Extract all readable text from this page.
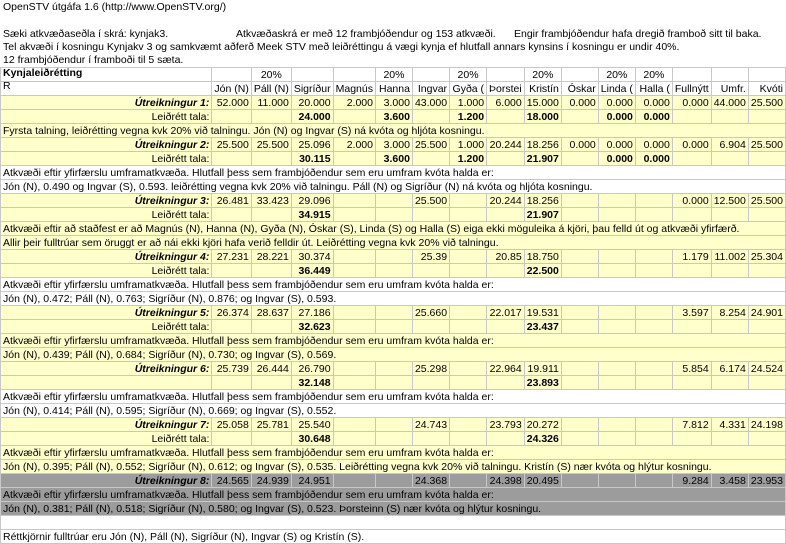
OpenSTV útgáfa 1.6 (http://www.OpenSTV.org/)
Sæki atkvæðaseðla í skrá: kynjak3.	Atkvæðaskrá er með 12 frambjóðendur og 153 atkvæði. Engir frambjóðendur hafa dregið framboð sitt til baka.
Tel akvæði í kosningu Kynjakv 3 og samkvæmt aðferð Meek STV með leiðréttingu á vægi kynja ef hlutfall annars kynsins í kosningu er undir 40%.
12 frambjóðendur í framboði til 5 sæta.
Kynjaleiðrétting
R
		20%			20%		20%		20%		20%	20%			
	Jón (N)	Páll (N)	Sigríður	Magnús	Hanna	Ingvar	Gyða (	Þorstei	Kristín	Óskar	Linda (	Halla (	Fullnýtt	Umfr.	Kvóti
Útreikningur 1:	52.000	11.000	20.000	2.000	3.000	43.000	1.000	6.000	15.000	0.000	0.000	0.000	0.000	44.000	25.500
Leiðrétt tala:			24.000		3.600		1.200		18.000		0.000	0.000			
Fyrsta talning, leiðrétting vegna kvk 20% við talningu. Jón (N) og Ingvar (S) ná kvóta og hljóta kosningu.															
Útreikningur 2:	25.500	25.500	25.096	2.000	3.000	25.500	1.000	20.244	18.256	0.000	0.000	0.000	0.000	6.904	25.500
Leiðrétt tala:			30.115		3.600		1.200		21.907		0.000	0.000			
Atkvæði eftir yfirfærslu umframatkvæða. Hlutfall þess sem frambjóðendur sem eru umfram kvóta halda er:															
Jón (N), 0.490 og Ingvar (S), 0.593. leiðrétting vegna kvk 20% við talningu. Páll (N) og Sigríður (N) ná kvóta og hljóta kosningu.															
Útreikningur 3:	26.481	33.423	29.096			25.500		20.244	18.256				0.000	12.500	25.500
Leiðrétt tala:			34.915						21.907						
Atkvæði eftir að staðfest er að Magnús (N), Hanna (N), Gyða (N), Óskar (S), Linda (S) og Halla (S) eiga ekki möguleika á kjöri, þau felld út og atkvæði yfirfærð.															
Allir þeir fulltrúar sem öruggt er að nái ekki kjöri hafa verið felldir út. Leiðrétting vegna kvk 20% við talningu.															
Útreikningur 4:	27.231	28.221	30.374			25.39		20.85	18.750				1.179	11.002	25.304
Leiðrétt tala:			36.449						22.500						
Atkvæði eftir yfirfærslu umframatkvæða. Hlutfall þess sem frambjóðendur sem eru umfram kvóta halda er:															
Jón (N), 0.472; Páll (N), 0.763; Sigríður (N), 0.876; og Ingvar (S), 0.593.															
Útreikningur 5:	26.374	28.637	27.186			25.660		22.017	19.531				3.597	8.254	24.901
Leiðrétt tala:			32.623						23.437						
Atkvæði eftir yfirfærslu umframatkvæða. Hlutfall þess sem frambjóðendur sem eru umfram kvóta halda er:															
Jón (N), 0.439; Páll (N), 0.684; Sigríður (N), 0.730; og Ingvar (S), 0.569.															
Útreikningur 6:	25.739	26.444	26.790			25.298		22.964	19.911				5.854	6.174	24.524
			32.148						23.893						
Atkvæði eftir yfirfærslu umframatkvæða. Hlutfall þess sem frambjóðendur sem eru umfram kvóta halda er:															
Jón (N), 0.414; Páll (N), 0.595; Sigríður (N), 0.669; og Ingvar (S), 0.552.															
Útreikningur 7:	25.058	25.781	25.540			24.743		23.793	20.272				7.812	4.331	24.198
Leiðrétt tala:			30.648						24.326						
Atkvæði eftir yfirfærslu umframatkvæða. Hlutfall þess sem frambjóðendur sem eru umfram kvóta halda er:															
Jón (N), 0.395; Páll (N), 0.552; Sigríður (N), 0.612; og Ingvar (S), 0.535. Leiðrétting vegna kvk 20% við talningu. Kristín (S) nær kvóta og hlýtur kosningu.															
Útreikningur 8:	24.565	24.939	24.951			24.368		24.398	20.495				9.284	3.458	23.953
Atkvæði eftir yfirfærslu umframatkvæða. Hlutfall þess sem frambjóðendur sem eru umfram kvóta halda er:															
Jón (N), 0.381; Páll (N), 0.518; Sigríður (N), 0.580; og Ingvar (S), 0.523. Þorsteinn (S) nær kvóta og hlýtur kosningu.															

Réttkjörnir fulltrúar eru Jón (N), Páll (N), Sigríður (N), Ingvar (S) og Kristín (S).															
